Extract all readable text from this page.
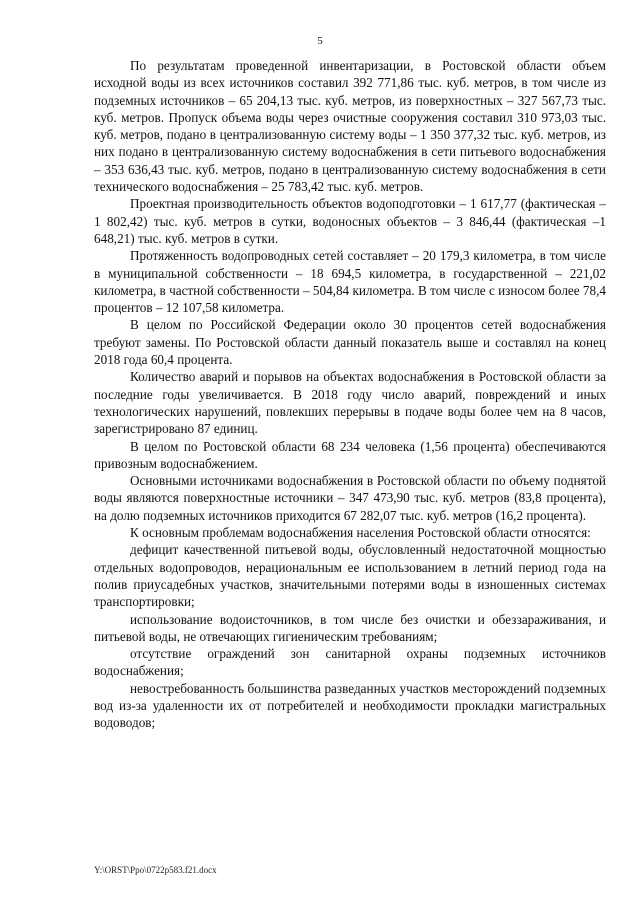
5

По результатам проведенной инвентаризации, в Ростовской области объем исходной воды из всех источников составил 392 771,86 тыс. куб. метров, в том числе из подземных источников – 65 204,13 тыс. куб. метров, из поверхностных – 327 567,73 тыс. куб. метров. Пропуск объема воды через очистные сооружения составил 310 973,03 тыс. куб. метров, подано в централизованную систему воды – 1 350 377,32 тыс. куб. метров, из них подано в централизованную систему водоснабжения в сети питьевого водоснабжения – 353 636,43 тыс. куб. метров, подано в централизованную систему водоснабжения в сети технического водоснабжения – 25 783,42 тыс. куб. метров.

Проектная производительность объектов водоподготовки – 1 617,77 (фактическая – 1 802,42) тыс. куб. метров в сутки, водоносных объектов – 3 846,44 (фактическая –1 648,21) тыс. куб. метров в сутки.

Протяженность водопроводных сетей составляет – 20 179,3 километра, в том числе в муниципальной собственности – 18 694,5 километра, в государственной – 221,02 километра, в частной собственности – 504,84 километра. В том числе с износом более 78,4 процентов – 12 107,58 километра.

В целом по Российской Федерации около 30 процентов сетей водоснабжения требуют замены. По Ростовской области данный показатель выше и составлял на конец 2018 года 60,4 процента.

Количество аварий и порывов на объектах водоснабжения в Ростовской области за последние годы увеличивается. В 2018 году число аварий, повреждений и иных технологических нарушений, повлекших перерывы в подаче воды более чем на 8 часов, зарегистрировано 87 единиц.

В целом по Ростовской области 68 234 человека (1,56 процента) обеспечиваются привозным водоснабжением.

Основными источниками водоснабжения в Ростовской области по объему поднятой воды являются поверхностные источники – 347 473,90 тыс. куб. метров (83,8 процента), на долю подземных источников приходится 67 282,07 тыс. куб. метров (16,2 процента).

К основным проблемам водоснабжения населения Ростовской области относятся:

дефицит качественной питьевой воды, обусловленный недостаточной мощностью отдельных водопроводов, нерациональным ее использованием в летний период года на полив приусадебных участков, значительными потерями воды в изношенных системах транспортировки;

использование водоисточников, в том числе без очистки и обеззараживания, и питьевой воды, не отвечающих гигиеническим требованиям;

отсутствие ограждений зон санитарной охраны подземных источников водоснабжения;

невостребованность большинства разведанных участков месторождений подземных вод из-за удаленности их от потребителей и необходимости прокладки магистральных водоводов;

Y:\ORST\Ppo\0722p583.f21.docx
